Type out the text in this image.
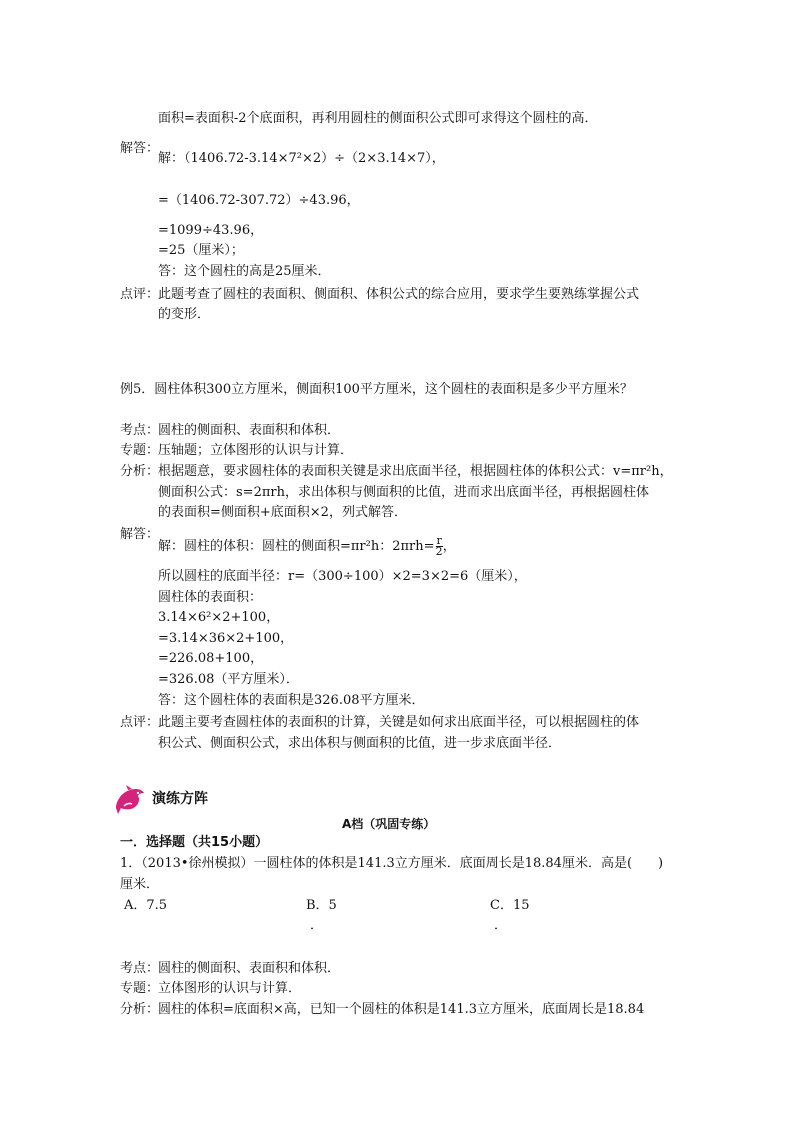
面积=表面积-2个底面积，再利用圆柱的侧面积公式即可求得这个圆柱的高．
解答：
解：（1406.72-3.14×7²×2）÷（2×3.14×7），
=（1406.72-307.72）÷43.96，
=1099÷43.96，
=25（厘米）；
答：这个圆柱的高是25厘米．
点评：
此题考查了圆柱的表面积、侧面积、体积公式的综合应用，要求学生要熟练掌握公式
的变形．
例5．圆柱体积300立方厘米，侧面积100平方厘米，这个圆柱的表面积是多少平方厘米？
考点：
圆柱的侧面积、表面积和体积．
专题：
压轴题；立体图形的认识与计算．
分析：
根据题意，要求圆柱体的表面积关键是求出底面半径，根据圆柱体的体积公式：v=πr²h，
侧面积公式：s=2πrh，求出体积与侧面积的比值，进而求出底面半径，再根据圆柱体
的表面积=侧面积+底面积×2，列式解答．
解答：
解：圆柱的体积：圆柱的侧面积=πr²h：$2\pi rh= \frac{r}{2}$ ，
所以圆柱的底面半径：r=（300÷100）×2=3×2=6（厘米），
圆柱体的表面积：
3.14×6²×2+100，
=3.14×36×2+100，
=226.08+100，
=326.08（平方厘米）．
答：这个圆柱体的表面积是326.08平方厘米．
点评：
此题主要考查圆柱体的表面积的计算，关键是如何求出底面半径，可以根据圆柱的体
积公式、侧面积公式，求出体积与侧面积的比值，进一步求底面半径．
演练方阵
A档（巩固专练）
一．选择题（共15小题）
1．（2013•徐州模拟）一圆柱体的体积是141.3立方厘米．底面周长是18.84厘米．高是(　　)
厘米．
A．7.5	B．5
．
C．15
．
考点：
圆柱的侧面积、表面积和体积．
专题：
立体图形的认识与计算．
分析：
圆柱的体积=底面积×高，已知一个圆柱的体积是141.3立方厘米，底面周长是18.84
